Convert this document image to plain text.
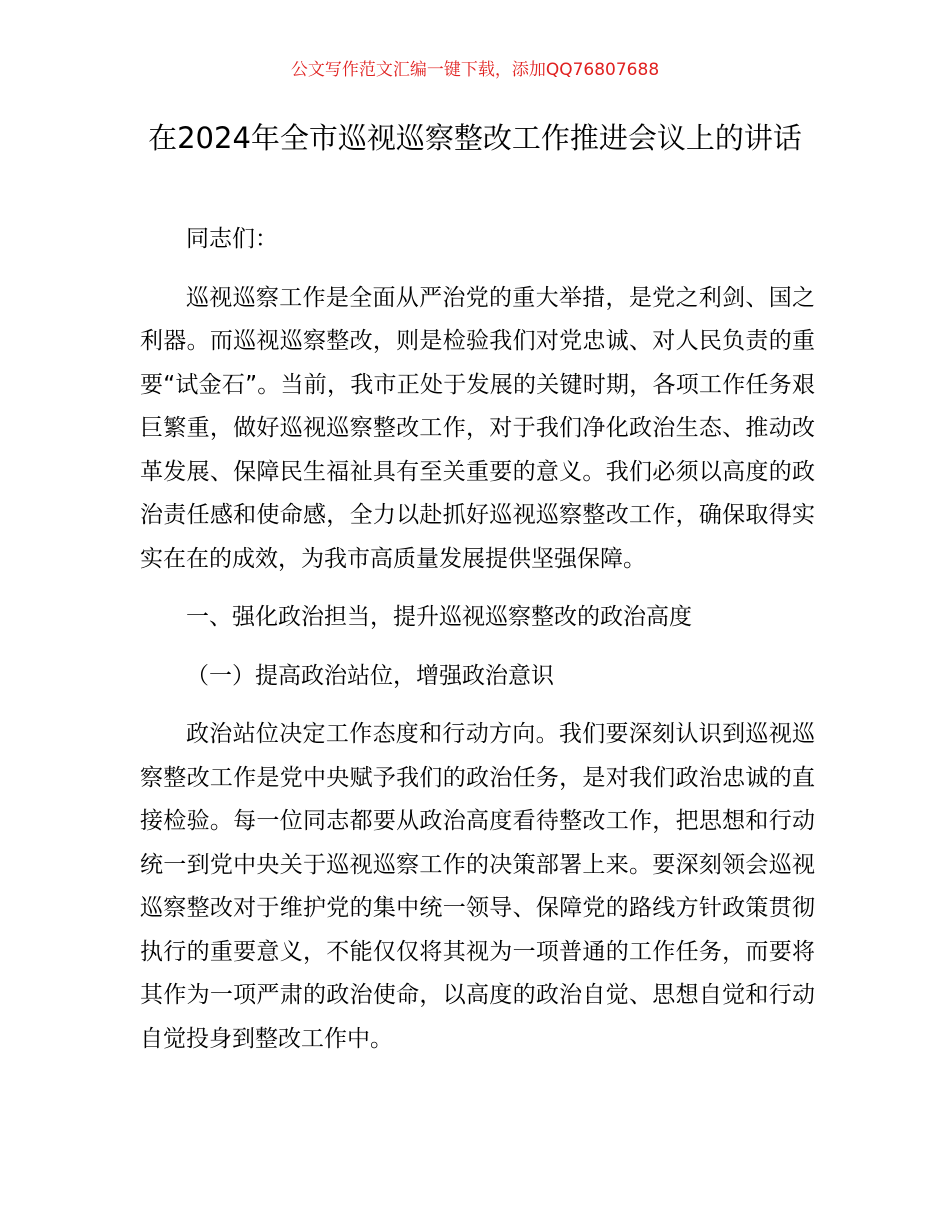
公文写作范文汇编一键下载，添加QQ76807688
在2024年全市巡视巡察整改工作推进会议上的讲话

同志们：

巡视巡察工作是全面从严治党的重大举措，是党之利剑、国之利器。而巡视巡察整改，则是检验我们对党忠诚、对人民负责的重要“试金石”。当前，我市正处于发展的关键时期，各项工作任务艰巨繁重，做好巡视巡察整改工作，对于我们净化政治生态、推动改革发展、保障民生福祉具有至关重要的意义。我们必须以高度的政治责任感和使命感，全力以赴抓好巡视巡察整改工作，确保取得实实在在的成效，为我市高质量发展提供坚强保障。

一、强化政治担当，提升巡视巡察整改的政治高度

（一）提高政治站位，增强政治意识

政治站位决定工作态度和行动方向。我们要深刻认识到巡视巡察整改工作是党中央赋予我们的政治任务，是对我们政治忠诚的直接检验。每一位同志都要从政治高度看待整改工作，把思想和行动统一到党中央关于巡视巡察工作的决策部署上来。要深刻领会巡视巡察整改对于维护党的集中统一领导、保障党的路线方针政策贯彻执行的重要意义，不能仅仅将其视为一项普通的工作任务，而要将其作为一项严肃的政治使命，以高度的政治自觉、思想自觉和行动自觉投身到整改工作中。
